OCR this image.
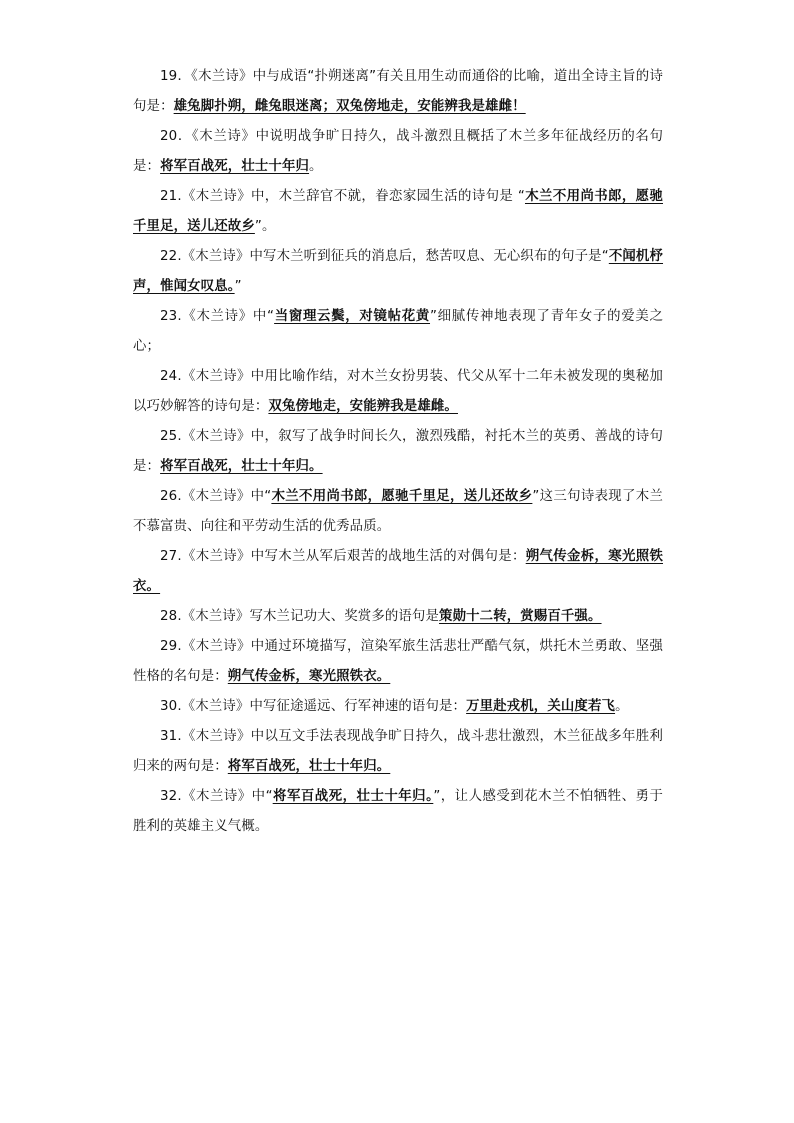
19．《木兰诗》中与成语“扑朔迷离”有关且用生动而通俗的比喻，道出全诗主旨的诗句是：雄兔脚扑朔，雌兔眼迷离；双兔傍地走，安能辨我是雄雌！

20．《木兰诗》中说明战争旷日持久，战斗激烈且概括了木兰多年征战经历的名句是：将军百战死，壮士十年归。

21.《木兰诗》中，木兰辞官不就，眷恋家园生活的诗句是 “木兰不用尚书郎，愿驰千里足，送儿还故乡”。

22.《木兰诗》中写木兰听到征兵的消息后，愁苦叹息、无心织布的句子是“不闻机杼声，惟闻女叹息。”

23.《木兰诗》中“当窗理云鬓，对镜帖花黄”细腻传神地表现了青年女子的爱美之心；

24.《木兰诗》中用比喻作结，对木兰女扮男装、代父从军十二年未被发现的奥秘加以巧妙解答的诗句是：双兔傍地走，安能辨我是雄雌。

25.《木兰诗》中，叙写了战争时间长久，激烈残酷，衬托木兰的英勇、善战的诗句是：将军百战死，壮士十年归。

26.《木兰诗》中“木兰不用尚书郎，愿驰千里足，送儿还故乡”这三句诗表现了木兰不慕富贵、向往和平劳动生活的优秀品质。

27.《木兰诗》中写木兰从军后艰苦的战地生活的对偶句是：朔气传金柝，寒光照铁衣。

28.《木兰诗》写木兰记功大、奖赏多的语句是策勋十二转，赏赐百千强。

29.《木兰诗》中通过环境描写，渲染军旅生活悲壮严酷气氛，烘托木兰勇敢、坚强性格的名句是：朔气传金柝，寒光照铁衣。

30.《木兰诗》中写征途遥远、行军神速的语句是：万里赴戎机，关山度若飞。

31.《木兰诗》中以互文手法表现战争旷日持久，战斗悲壮激烈，木兰征战多年胜利归来的两句是：将军百战死，壮士十年归。

32.《木兰诗》中“将军百战死，壮士十年归。”，让人感受到花木兰不怕牺牲、勇于胜利的英雄主义气概。
